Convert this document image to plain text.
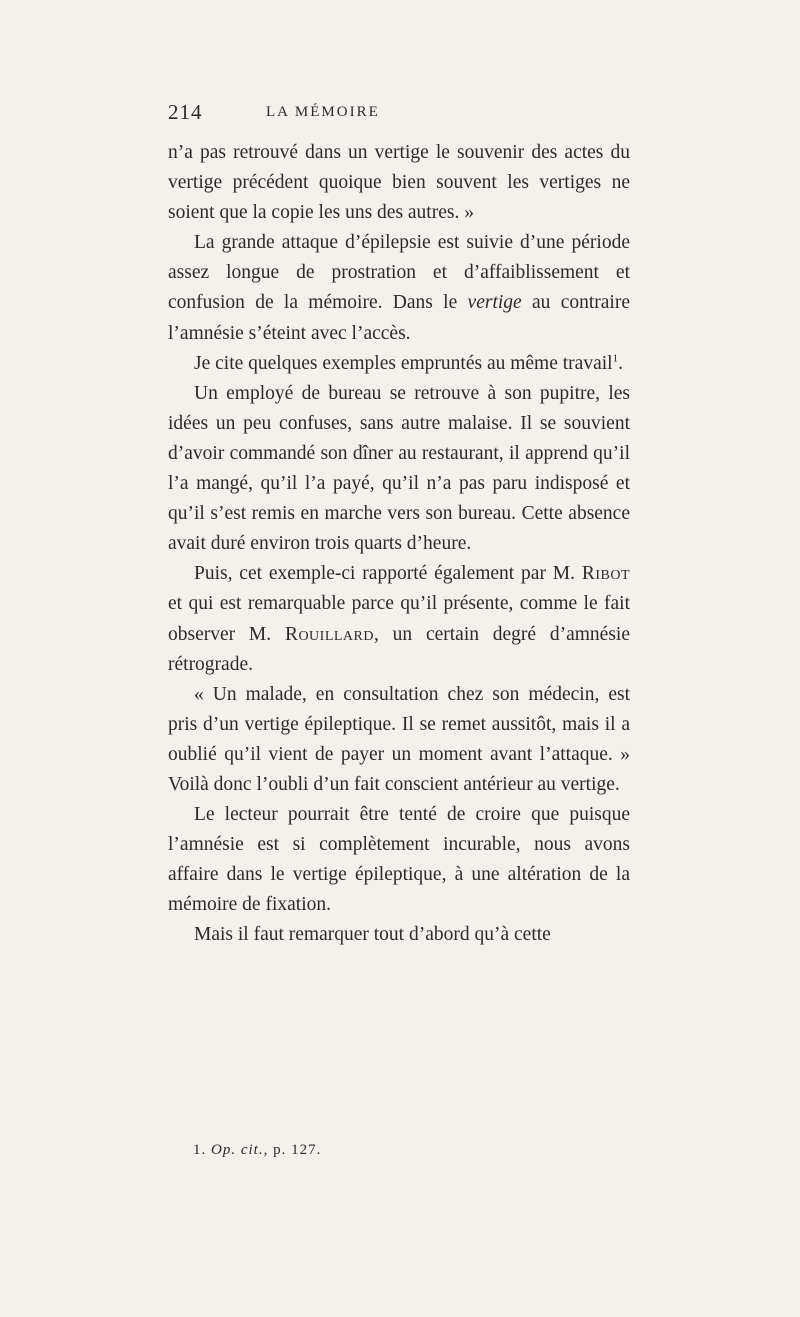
214	LA MÉMOIRE

n’a pas retrouvé dans un vertige le souvenir des actes du vertige précédent quoique bien souvent les vertiges ne soient que la copie les uns des autres. »

La grande attaque d’épilepsie est suivie d’une période assez longue de prostration et d’affaiblissement et confusion de la mémoire. Dans le vertige au contraire l’amnésie s’éteint avec l’accès.

Je cite quelques exemples empruntés au même travail$^1$.

Un employé de bureau se retrouve à son pupitre, les idées un peu confuses, sans autre malaise. Il se souvient d’avoir commandé son dîner au restaurant, il apprend qu’il l’a mangé, qu’il l’a payé, qu’il n’a pas paru indisposé et qu’il s’est remis en marche vers son bureau. Cette absence avait duré environ trois quarts d’heure.

Puis, cet exemple-ci rapporté également par M. Ribot et qui est remarquable parce qu’il présente, comme le fait observer M. Rouillard, un certain degré d’amnésie rétrograde.

« Un malade, en consultation chez son médecin, est pris d’un vertige épileptique. Il se remet aussitôt, mais il a oublié qu’il vient de payer un moment avant l’attaque. » Voilà donc l’oubli d’un fait conscient antérieur au vertige.

Le lecteur pourrait être tenté de croire que puisque l’amnésie est si complètement incurable, nous avons affaire dans le vertige épileptique, à une altération de la mémoire de fixation.

Mais il faut remarquer tout d’abord qu’à cette

1. Op. cit., p. 127.
